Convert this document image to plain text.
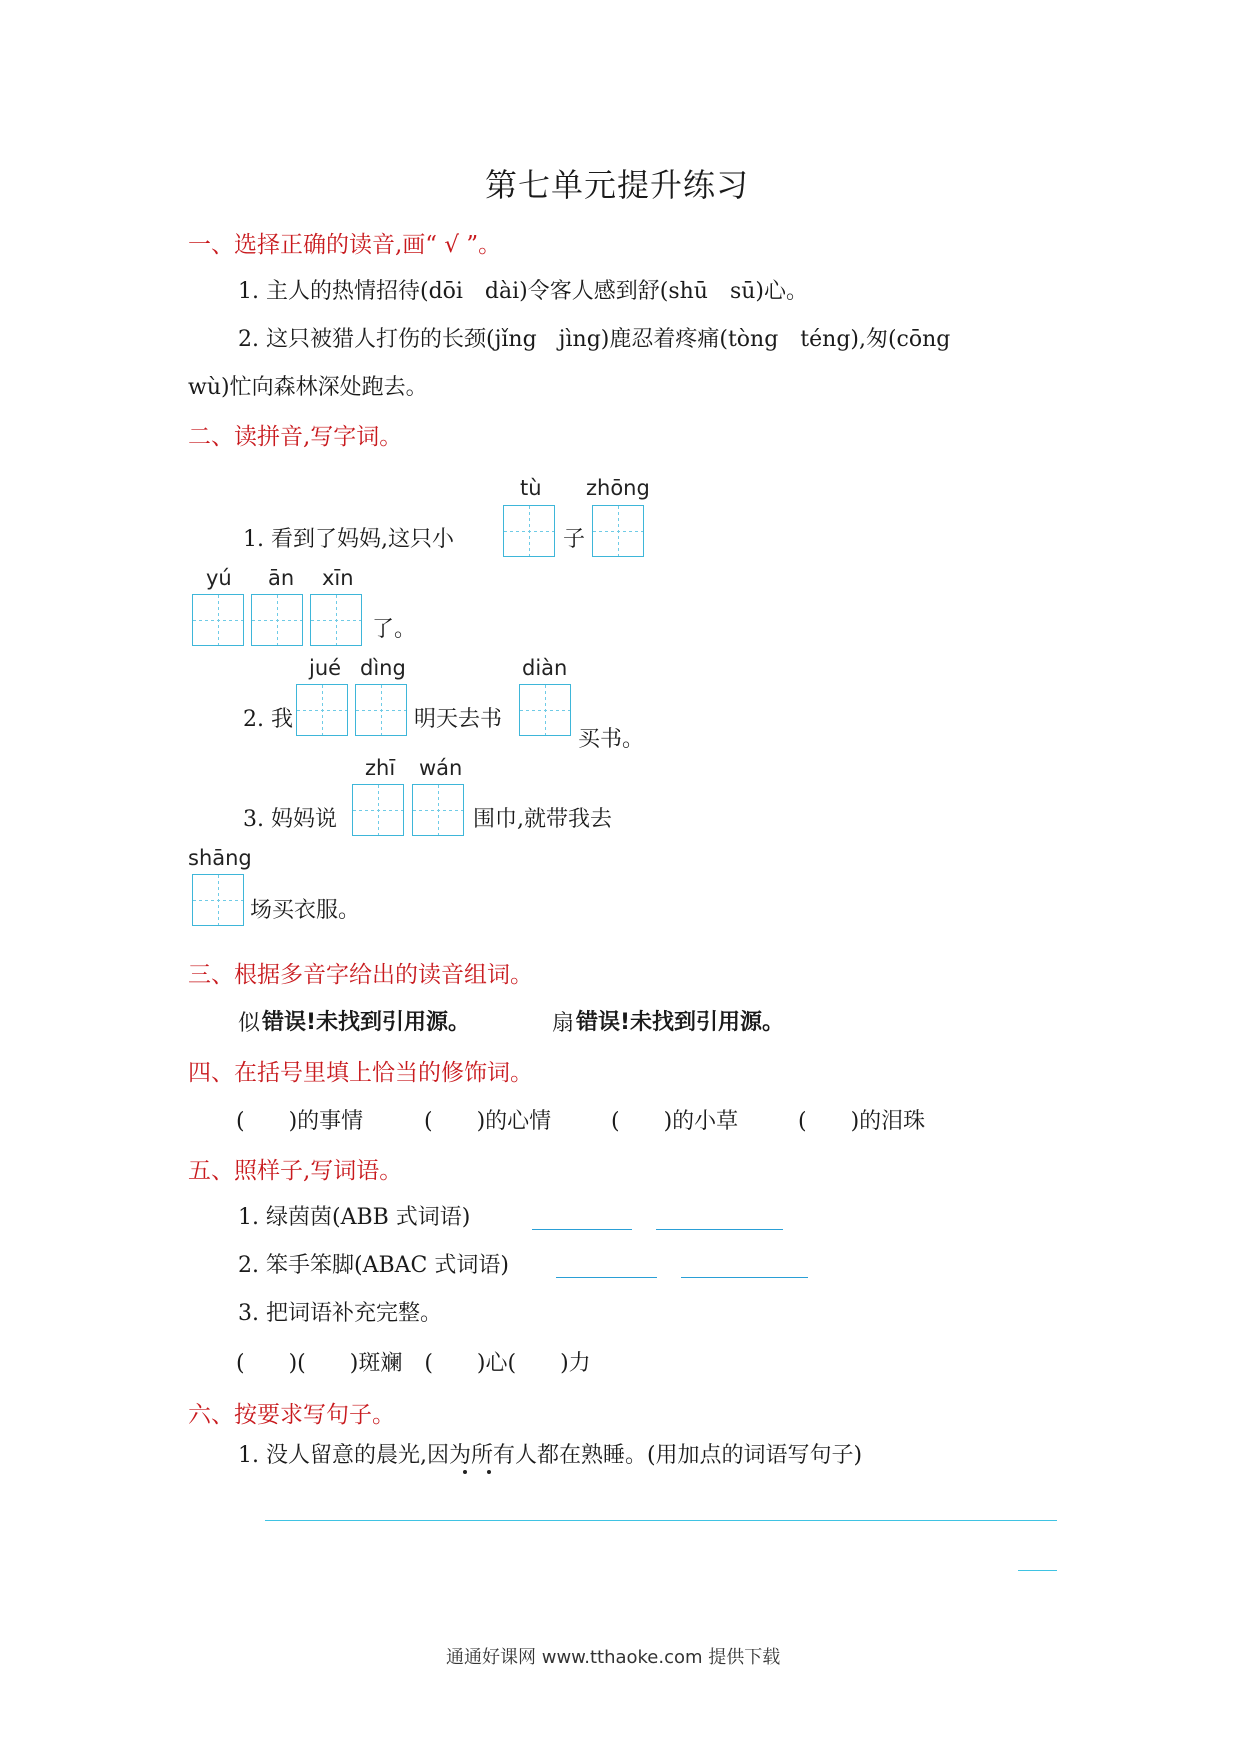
第七单元提升练习
一、选择正确的读音,画“ √ ”。
1. 主人的热情招待(dōi　dài)令客人感到舒(shū　sū)心。
2. 这只被猎人打伤的长颈(jǐng　jìng)鹿忍着疼痛(tòng　téng),匆(cōng
wù)忙向森林深处跑去。
二、读拼音,写字词。
tù zhōng
1. 看到了妈妈,这只小	子
yú ān xīn
了。
jué dìng	diàn
2. 我	明天去书
买书。
zhī wán
3. 妈妈说	围巾,就带我去
shāng
场买衣服。
三、根据多音字给出的读音组词。
似 错误!未找到引用源。	扇 错误!未找到引用源。
四、在括号里填上恰当的修饰词。
(　　)的事情	(　　)的心情	(　　)的小草	(　　)的泪珠
五、照样子,写词语。
1. 绿茵茵(ABB 式词语)
2. 笨手笨脚(ABAC 式词语)
3. 把词语补充完整。
(　　)(　　)斑斓　(　　)心(　　)力
六、按要求写句子。
1. 没人留意的晨光,因为所有人都在熟睡。(用加点的词语写句子)
通通好课网 www.tthaoke.com 提供下载
